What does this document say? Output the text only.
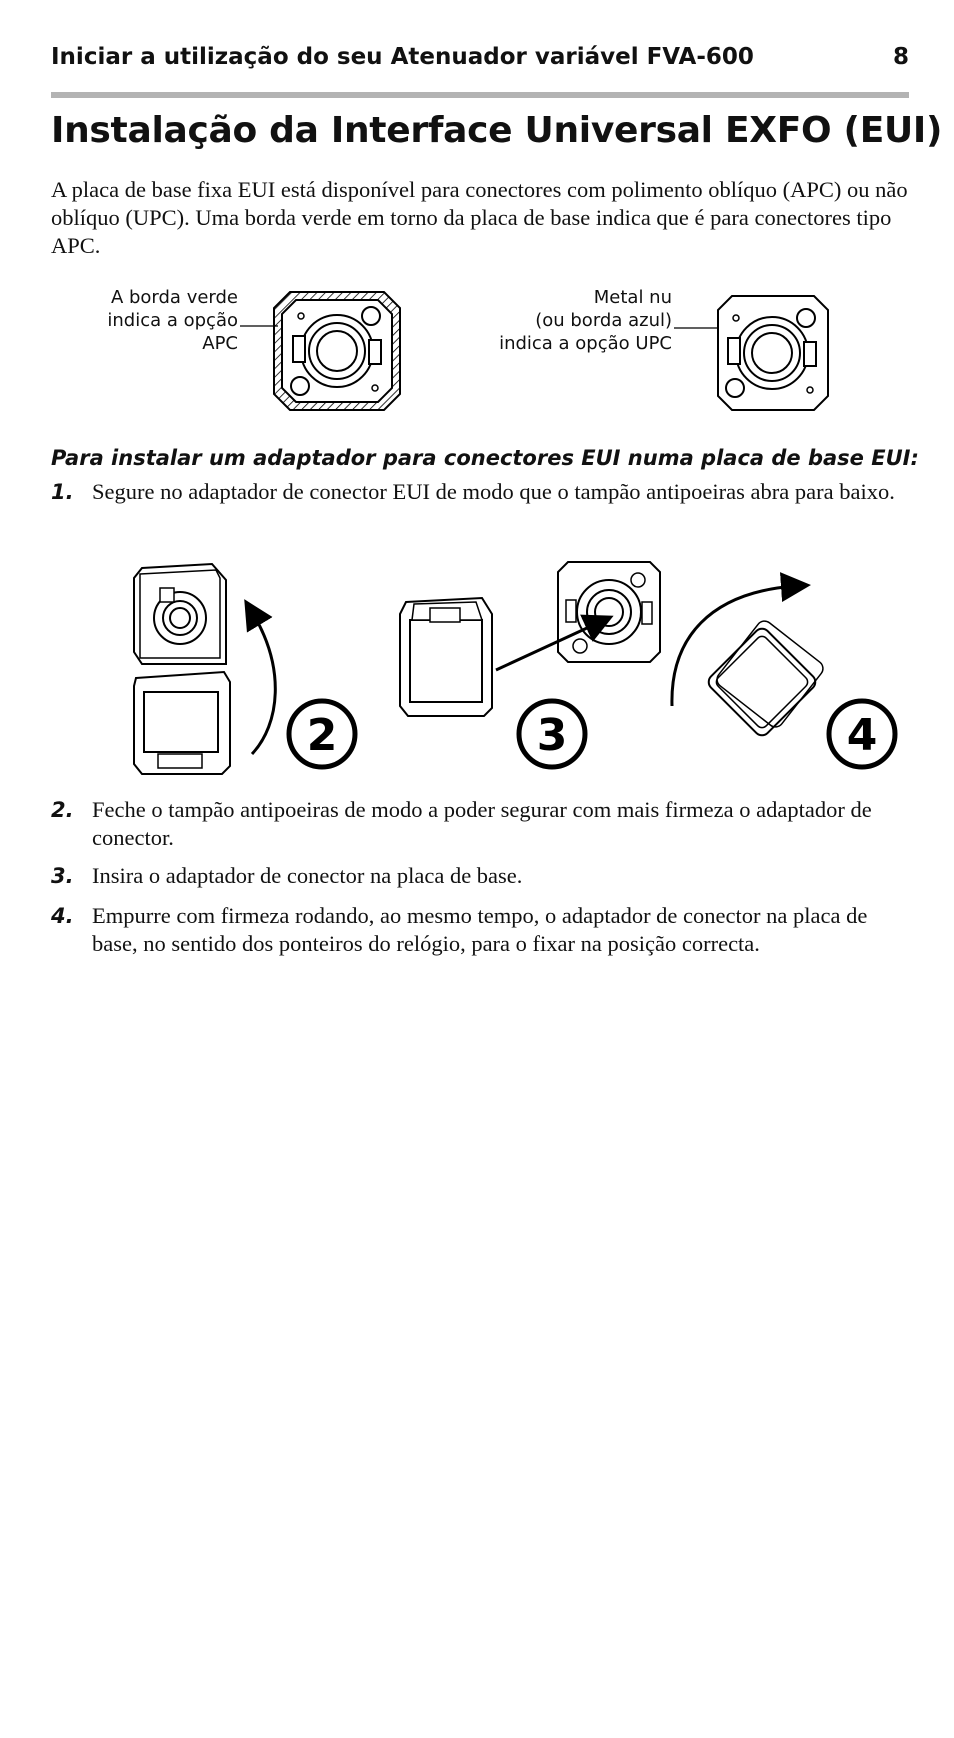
Iniciar a utilização do seu Atenuador variável FVA-600	8
Instalação da Interface Universal EXFO (EUI)

A placa de base fixa EUI está disponível para conectores com polimento oblíquo (APC) ou não oblíquo (UPC). Uma borda verde em torno da placa de base indica que é para conectores tipo APC.

A borda verde
indica a opção
APC
Metal nu
(ou borda azul)
indica a opção UPC

Para instalar um adaptador para conectores EUI numa placa de base EUI:

1. Segure no adaptador de conector EUI de modo que o tampão antipoeiras abra para baixo.
2	3	4
2. Feche o tampão antipoeiras de modo a poder segurar com mais firmeza o adaptador de conector.
3. Insira o adaptador de conector na placa de base.
4. Empurre com firmeza rodando, ao mesmo tempo, o adaptador de conector na placa de base, no sentido dos ponteiros do relógio, para o fixar na posição correcta.
